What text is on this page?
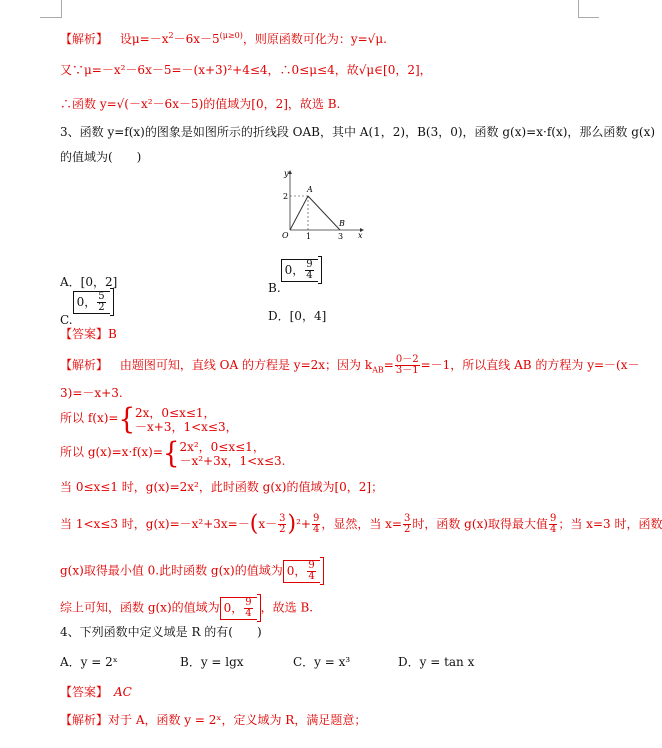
【解析】 设$\mu=-x^2-6x-5^{(\mu\ge 0)}$，则原函数可化为：y=√μ.
又∵μ=－x²－6x－5=－(x+3)²+4≤4，∴0≤μ≤4，故√μ∈[0，2]，
∴函数 y=√(－x²－6x－5)的值域为[0，2]，故选 B.
3、函数 y=f(x)的图象是如图所示的折线段 OAB，其中 A(1，2)，B(3，0)，函数 g(x)=x·f(x)，那么函数 g(x)
的值域为(　　)
y
x
O
A
B
2
1	3
A．[0，2]	B.0， $\frac{9}{4}$
C.0， $\frac{5}{2}$
D．[0，4]
【答案】B
【解析】 由题图可知，直线 OA 的方程是 y=2x；因为 $k_{AB}= \frac{0-2}{3-1} =-1$，所以直线 AB 的方程为 y=－(x－
3)=－x+3.
所以 f(x)={ 2x，0≤x≤1，
－x+3，1<x≤3，
所以 g(x)=x·f(x)={ 2x²，0≤x≤1，
－x²+3x，1<x≤3.
当 0≤x≤1 时，g(x)=2x²，此时函数 g(x)的值域为[0，2]；
当 1<x≤3 时，$g(x)=-x^2+3x=-(x- \frac{3}{2} )^2+ \frac{9}{4}$ ，显然，当 $x= \frac{3}{2}$ 时，函数 g(x)取得最大值 $\frac{9}{4}$ ；当 x=3 时，函数
g(x)取得最小值 0.此时函数 g(x)的值域为 0， $\frac{9}{4}$
综上可知，函数 g(x)的值域为 0， $\frac{9}{4}$ ，故选 B.
4、下列函数中定义域是 R 的有(　　)
A．y = 2ˣ	B．y = lgx	C．y = x³	D．y = tan x
【答案】 AC
【解析】对于 A，函数 y = 2ˣ，定义域为 R，满足题意；
